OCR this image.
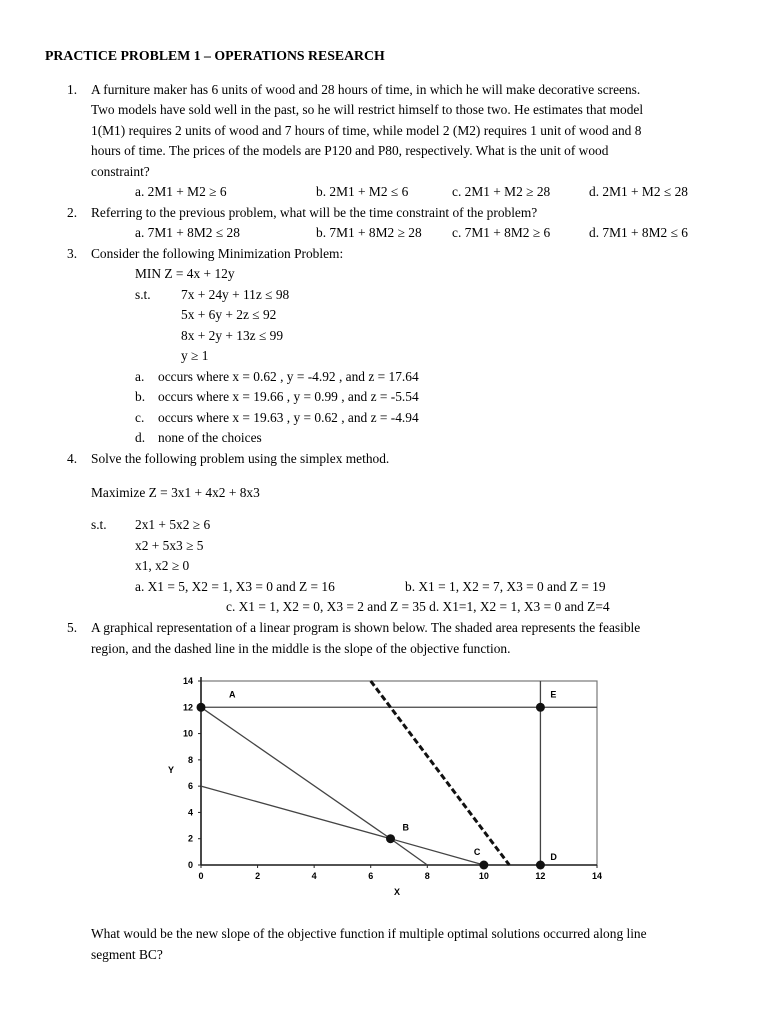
PRACTICE PROBLEM 1 – OPERATIONS RESEARCH
1. A furniture maker has 6 units of wood and 28 hours of time, in which he will make decorative screens.
Two models have sold well in the past, so he will restrict himself to those two. He estimates that model
1(M1) requires 2 units of wood and 7 hours of time, while model 2 (M2) requires 1 unit of wood and 8
hours of time. The prices of the models are P120 and P80, respectively. What is the unit of wood
constraint?
a. 2M1 + M2 ≥ 6	b. 2M1 + M2 ≤ 6	c. 2M1 + M2 ≥ 28	d. 2M1 + M2 ≤ 28
2. Referring to the previous problem, what will be the time constraint of the problem?
a. 7M1 + 8M2 ≤ 28	b. 7M1 + 8M2 ≥ 28 c. 7M1 + 8M2 ≥ 6	d. 7M1 + 8M2 ≤ 6
3. Consider the following Minimization Problem:
MIN Z = 4x + 12y
s.t. 7x + 24y + 11z ≤ 98
5x + 6y + 2z ≤ 92
8x + 2y + 13z ≤ 99
y ≥ 1
a. occurs where x = 0.62 , y = -4.92 , and z = 17.64
b. occurs where x = 19.66 , y = 0.99 , and z = -5.54
c. occurs where x = 19.63 , y = 0.62 , and z = -4.94
d. none of the choices
4. Solve the following problem using the simplex method.
Maximize Z = 3x1 + 4x2 + 8x3
s.t. 2x1 + 5x2 ≥ 6
x2 + 5x3 ≥ 5
x1, x2 ≥ 0
a. X1 = 5, X2 = 1, X3 = 0 and Z = 16	b. X1 = 1, X2 = 7, X3 = 0 and Z = 19
c. X1 = 1, X2 = 0, X3 = 2 and Z = 35 d. X1=1, X2 = 1, X3 = 0 and Z=4
5. A graphical representation of a linear program is shown below. The shaded area represents the feasible
region, and the dashed line in the middle is the slope of the objective function.
0	2	4	6	8	10	12	14
0
2
4
6
8
10
12
14
X
Y
A
B
C	D
E
What would be the new slope of the objective function if multiple optimal solutions occurred along line
segment BC?
